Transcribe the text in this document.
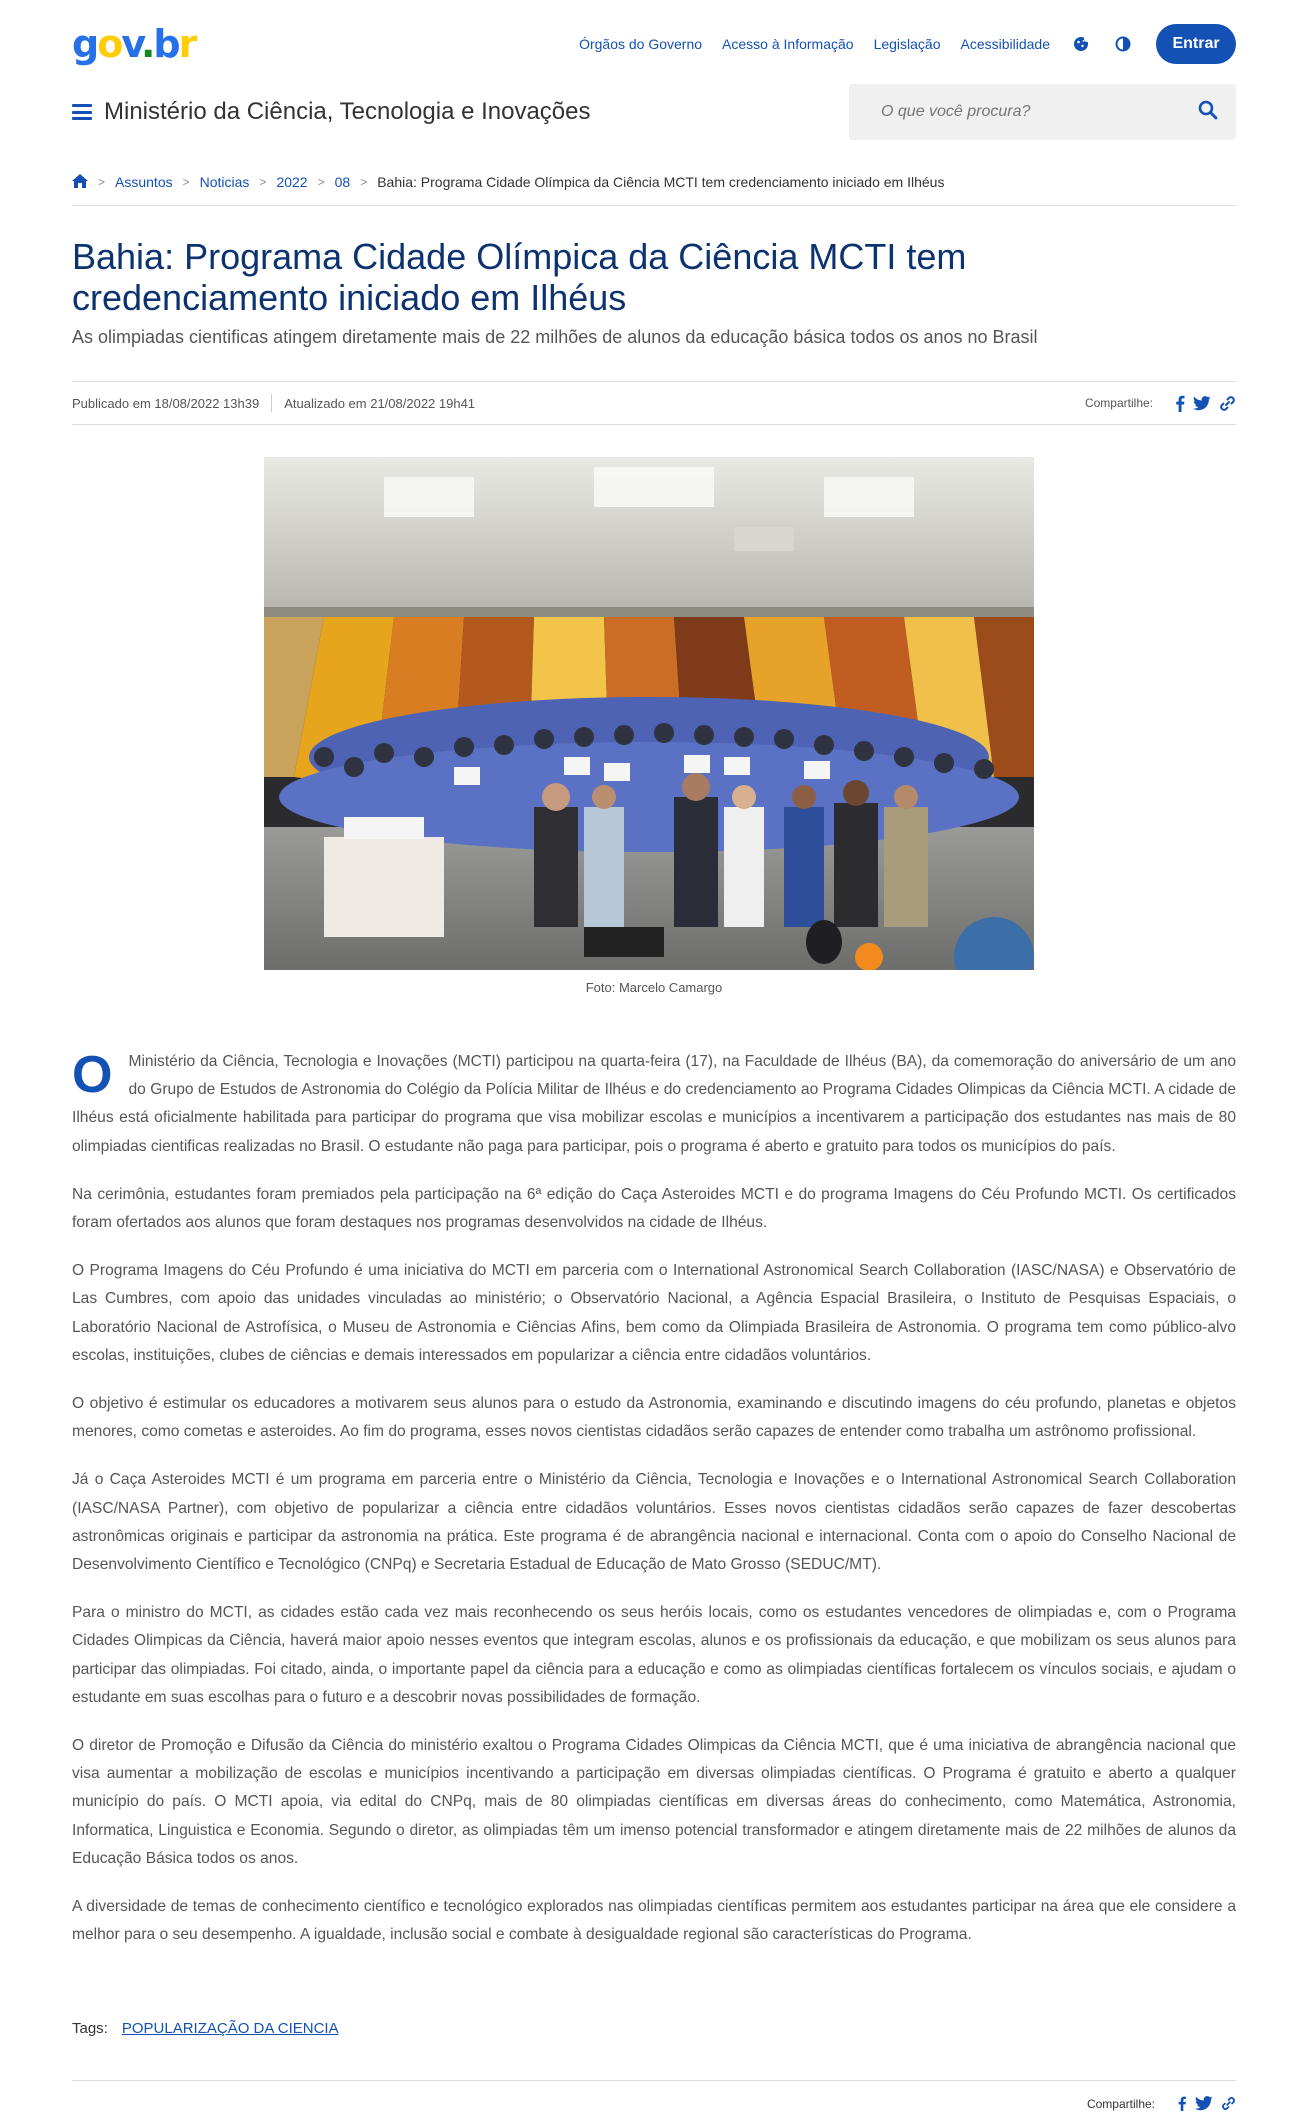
gov.br	Órgãos do Governo Acesso à Informação Legislação Acessibilidade	Entrar
Ministério da Ciência, Tecnologia e Inovações
O que você procura?
> Assuntos > Noticias > 2022 > 08 > Bahia: Programa Cidade Olímpica da Ciência MCTI tem credenciamento iniciado em Ilhéus
Bahia: Programa Cidade Olímpica da Ciência MCTI tem credenciamento iniciado em Ilhéus

As olimpiadas cientificas atingem diretamente mais de 22 milhões de alunos da educação básica todos os anos no Brasil

Publicado em 18/08/2022 13h39 Atualizado em 21/08/2022 19h41	Compartilhe:
Foto: Marcelo Camargo

O Ministério da Ciência, Tecnologia e Inovações (MCTI) participou na quarta-feira (17), na Faculdade de Ilhéus (BA), da comemoração do aniversário de um ano do Grupo de Estudos de Astronomia do Colégio da Polícia Militar de Ilhéus e do credenciamento ao Programa Cidades Olimpicas da Ciência MCTI. A cidade de Ilhéus está oficialmente habilitada para participar do programa que visa mobilizar escolas e municípios a incentivarem a participação dos estudantes nas mais de 80 olimpiadas cientificas realizadas no Brasil. O estudante não paga para participar, pois o programa é aberto e gratuito para todos os municípios do país.

Na cerimônia, estudantes foram premiados pela participação na 6ª edição do Caça Asteroides MCTI e do programa Imagens do Céu Profundo MCTI. Os certificados foram ofertados aos alunos que foram destaques nos programas desenvolvidos na cidade de Ilhéus.

O Programa Imagens do Céu Profundo é uma iniciativa do MCTI em parceria com o International Astronomical Search Collaboration (IASC/NASA) e Observatório de Las Cumbres, com apoio das unidades vinculadas ao ministério; o Observatório Nacional, a Agência Espacial Brasileira, o Instituto de Pesquisas Espaciais, o Laboratório Nacional de Astrofísica, o Museu de Astronomia e Ciências Afins, bem como da Olimpiada Brasileira de Astronomia. O programa tem como público-alvo escolas, instituições, clubes de ciências e demais interessados em popularizar a ciência entre cidadãos voluntários.

O objetivo é estimular os educadores a motivarem seus alunos para o estudo da Astronomia, examinando e discutindo imagens do céu profundo, planetas e objetos menores, como cometas e asteroides. Ao fim do programa, esses novos cientistas cidadãos serão capazes de entender como trabalha um astrônomo profissional.

Já o Caça Asteroides MCTI é um programa em parceria entre o Ministério da Ciência, Tecnologia e Inovações e o International Astronomical Search Collaboration (IASC/NASA Partner), com objetivo de popularizar a ciência entre cidadãos voluntários. Esses novos cientistas cidadãos serão capazes de fazer descobertas astronômicas originais e participar da astronomia na prática. Este programa é de abrangência nacional e internacional. Conta com o apoio do Conselho Nacional de Desenvolvimento Científico e Tecnológico (CNPq) e Secretaria Estadual de Educação de Mato Grosso (SEDUC/MT).

Para o ministro do MCTI, as cidades estão cada vez mais reconhecendo os seus heróis locais, como os estudantes vencedores de olimpiadas e, com o Programa Cidades Olimpicas da Ciência, haverá maior apoio nesses eventos que integram escolas, alunos e os profissionais da educação, e que mobilizam os seus alunos para participar das olimpiadas. Foi citado, ainda, o importante papel da ciência para a educação e como as olimpiadas científicas fortalecem os vínculos sociais, e ajudam o estudante em suas escolhas para o futuro e a descobrir novas possibilidades de formação.

O diretor de Promoção e Difusão da Ciência do ministério exaltou o Programa Cidades Olimpicas da Ciência MCTI, que é uma iniciativa de abrangência nacional que visa aumentar a mobilização de escolas e municípios incentivando a participação em diversas olimpiadas científicas. O Programa é gratuito e aberto a qualquer município do país. O MCTI apoia, via edital do CNPq, mais de 80 olimpiadas científicas em diversas áreas do conhecimento, como Matemática, Astronomia, Informatica, Linguistica e Economia. Segundo o diretor, as olimpiadas têm um imenso potencial transformador e atingem diretamente mais de 22 milhões de alunos da Educação Básica todos os anos.

A diversidade de temas de conhecimento científico e tecnológico explorados nas olimpiadas científicas permitem aos estudantes participar na área que ele considere a melhor para o seu desempenho. A igualdade, inclusão social e combate à desigualdade regional são características do Programa.

Tags: POPULARIZAÇÃO DA CIENCIA
Compartilhe:
